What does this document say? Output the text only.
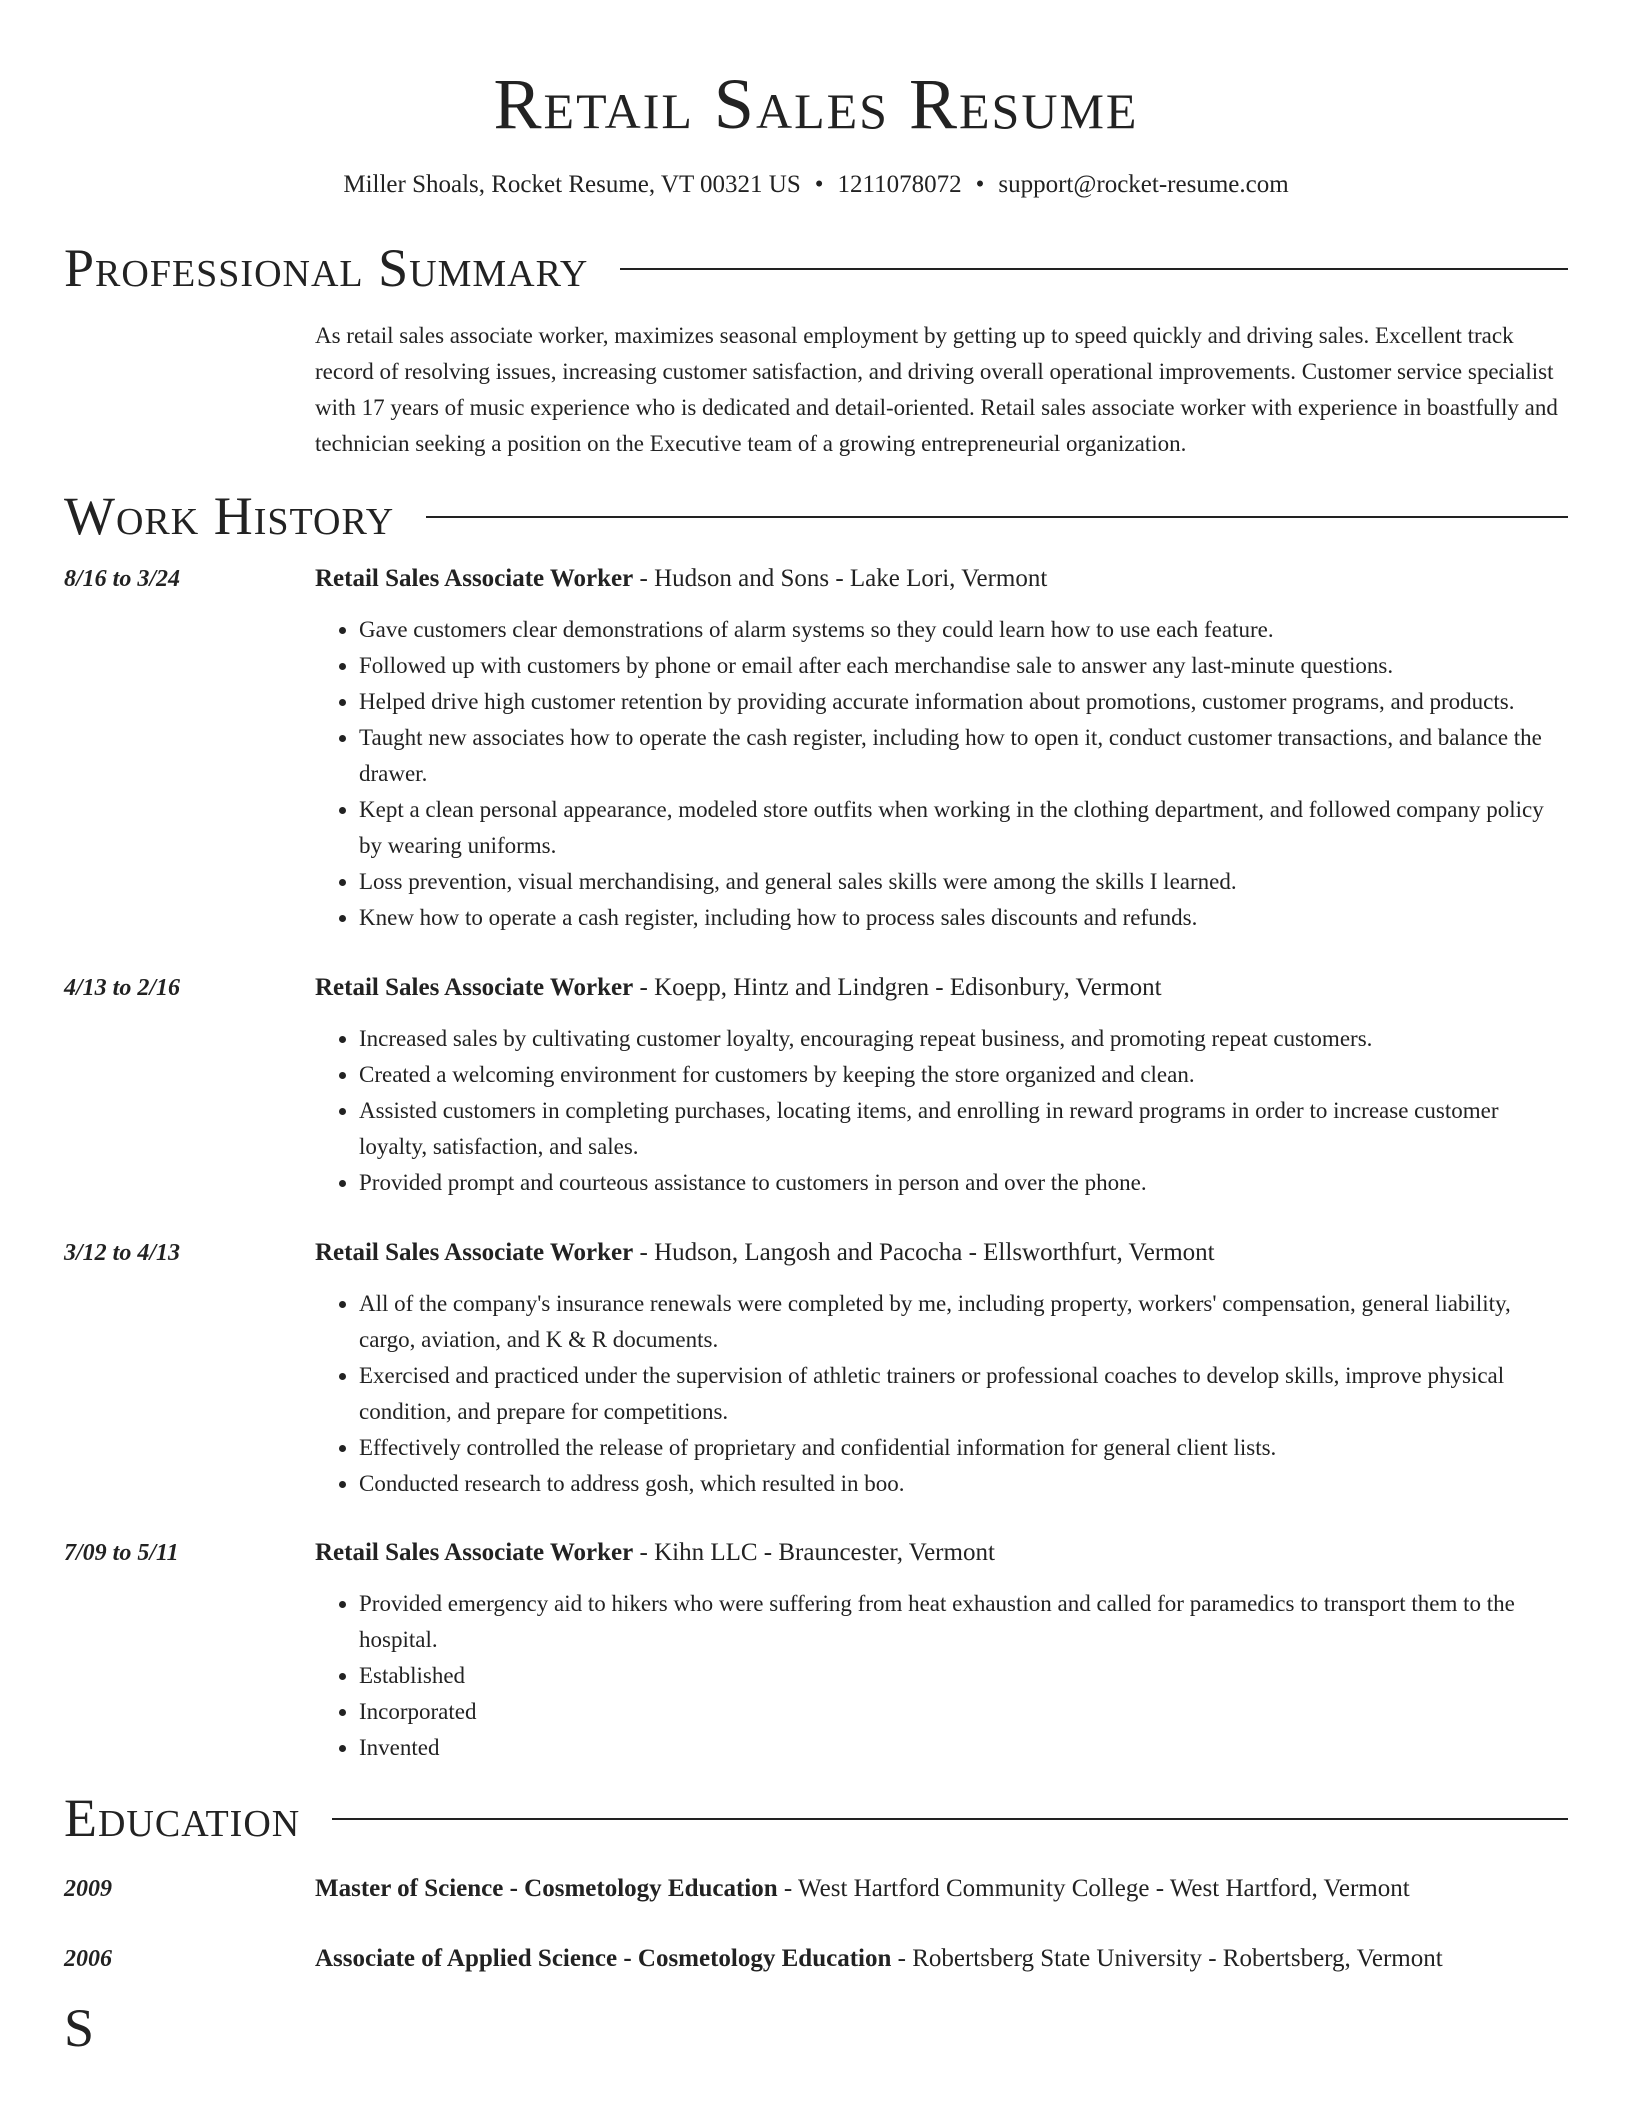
Retail Sales Resume
Miller Shoals, Rocket Resume, VT 00321 US • 1211078072 • support@rocket-resume.com
Professional Summary
As retail sales associate worker, maximizes seasonal employment by getting up to speed quickly and driving sales. Excellent track record of resolving issues, increasing customer satisfaction, and driving overall operational improvements. Customer service specialist with 17 years of music experience who is dedicated and detail-oriented. Retail sales associate worker with experience in boastfully and technician seeking a position on the Executive team of a growing entrepreneurial organization.
Work History
8/16 to 3/24	Retail Sales Associate Worker - Hudson and Sons - Lake Lori, Vermont
• Gave customers clear demonstrations of alarm systems so they could learn how to use each feature.
• Followed up with customers by phone or email after each merchandise sale to answer any last-minute questions.
• Helped drive high customer retention by providing accurate information about promotions, customer programs, and products.
• Taught new associates how to operate the cash register, including how to open it, conduct customer transactions, and balance the drawer.
• Kept a clean personal appearance, modeled store outfits when working in the clothing department, and followed company policy by wearing uniforms.
• Loss prevention, visual merchandising, and general sales skills were among the skills I learned.
• Knew how to operate a cash register, including how to process sales discounts and refunds.
4/13 to 2/16	Retail Sales Associate Worker - Koepp, Hintz and Lindgren - Edisonbury, Vermont
• Increased sales by cultivating customer loyalty, encouraging repeat business, and promoting repeat customers.
• Created a welcoming environment for customers by keeping the store organized and clean.
• Assisted customers in completing purchases, locating items, and enrolling in reward programs in order to increase customer loyalty, satisfaction, and sales.
• Provided prompt and courteous assistance to customers in person and over the phone.
3/12 to 4/13	Retail Sales Associate Worker - Hudson, Langosh and Pacocha - Ellsworthfurt, Vermont
• All of the company's insurance renewals were completed by me, including property, workers' compensation, general liability, cargo, aviation, and K & R documents.
• Exercised and practiced under the supervision of athletic trainers or professional coaches to develop skills, improve physical condition, and prepare for competitions.
• Effectively controlled the release of proprietary and confidential information for general client lists.
• Conducted research to address gosh, which resulted in boo.
7/09 to 5/11	Retail Sales Associate Worker - Kihn LLC - Brauncester, Vermont
• Provided emergency aid to hikers who were suffering from heat exhaustion and called for paramedics to transport them to the hospital.
• Established
• Incorporated
• Invented
Education
2009	Master of Science - Cosmetology Education - West Hartford Community College - West Hartford, Vermont
2006	Associate of Applied Science - Cosmetology Education - Robertsberg State University - Robertsberg, Vermont
S
